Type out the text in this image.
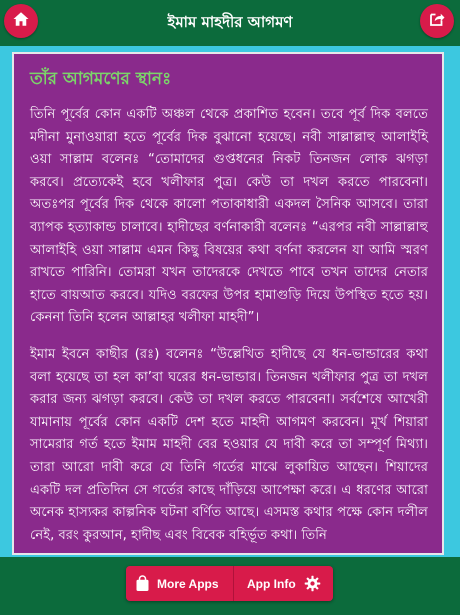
ইমাম মাহদীর আগমণ
তাঁর আগমণের স্থানঃ

তিনি পূর্বের কোন একটি অঞ্চল থেকে প্রকাশিত হবেন। তবে পূর্ব দিক বলতে মদীনা মুনাওয়ারা হতে পূর্বের দিক বুঝানো হয়েছে। নবী সাল্লাল্লাহু আলাইহি ওয়া সাল্লাম বলেনঃ “তোমাদের গুপ্তধনের নিকট তিনজন লোক ঝগড়া করবে। প্রত্যেকেই হবে খলীফার পুত্র। কেউ তা দখল করতে পারবেনা। অতঃপর পূর্বের দিক থেকে কালো পতাকাধারী একদল সৈনিক আসবে। তারা ব্যাপক হত্যাকান্ড চালাবে। হাদীছের বর্ণনাকারী বলেনঃ “এরপর নবী সাল্লাল্লাহু আলাইহি ওয়া সাল্লাম এমন কিছু বিষয়ের কথা বর্ণনা করলেন যা আমি স্মরণ রাখতে পারিনি। তোমরা যখন তাদেরকে দেখতে পাবে তখন তাদের নেতার হাতে বায়আত করবে। যদিও বরফের উপর হামাগুড়ি দিয়ে উপস্থিত হতে হয়। কেননা তিনি হলেন আল্লাহর খলীফা মাহদী”।

ইমাম ইবনে কাছীর (রঃ) বলেনঃ “উল্লেখিত হাদীছে যে ধন-ভান্ডারের কথা বলা হয়েছে তা হল কা’বা ঘরের ধন-ভান্ডার। তিনজন খলীফার পুত্র তা দখল করার জন্য ঝগড়া করবে। কেউ তা দখল করতে পারবেনা। সর্বশেষে আখেরী যামানায় পূর্বের কোন একটি দেশ হতে মাহদী আগমণ করবেন। মূর্খ শিয়ারা সামেরার গর্ত হতে ইমাম মাহদী বের হওয়ার যে দাবী করে তা সম্পূর্ণ মিথ্যা। তারা আরো দাবী করে যে তিনি গর্তের মাঝে লুকায়িত আছেন। শিয়াদের একটি দল প্রতিদিন সে গর্তের কাছে দাঁড়িয়ে আপেক্ষা করে। এ ধরণের আরো অনেক হাস্যকর কাল্পনিক ঘটনা বর্ণিত আছে। এসমস্ত কথার পক্ষে কোন দলীল নেই, বরং কুরআন, হাদীছ এবং বিবেক বহির্ভূত কথা। তিনি

More Apps App Info
